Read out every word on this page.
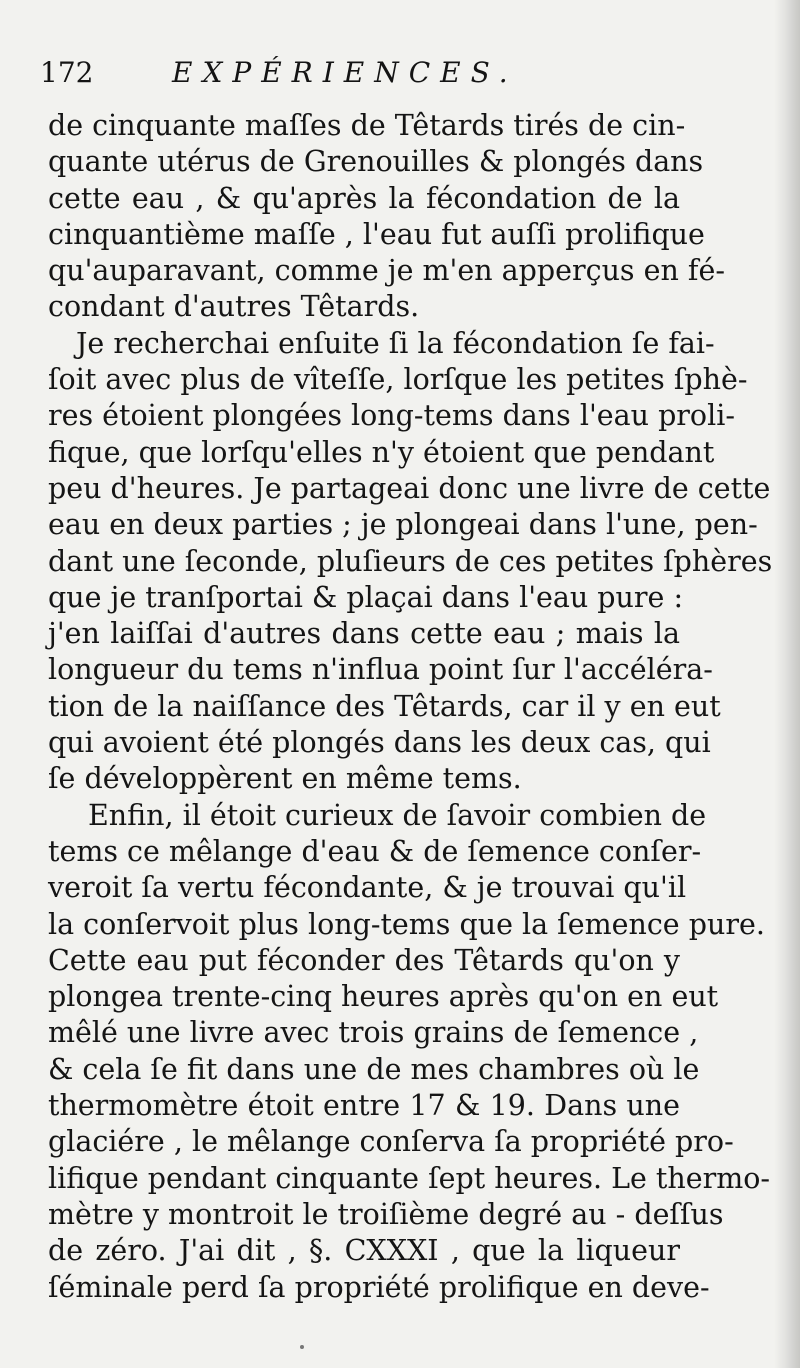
172	EXPÉRIENCES.
de cinquante maſſes de Têtards tirés de cin-
quante utérus de Grenouilles & plongés dans
cette eau , & qu'après la fécondation de la
cinquantième maſſe , l'eau fut auſſi prolifique
qu'auparavant, comme je m'en apperçus en fé-
condant d'autres Têtards.
Je recherchai enſuite ſi la fécondation ſe fai-
ſoit avec plus de vîteſſe, lorſque les petites ſphè-
res étoient plongées long-tems dans l'eau proli-
fique, que lorſqu'elles n'y étoient que pendant
peu d'heures. Je partageai donc une livre de cette
eau en deux parties ; je plongeai dans l'une, pen-
dant une ſeconde, pluſieurs de ces petites ſphères
que je tranſportai & plaçai dans l'eau pure :
j'en laiſſai d'autres dans cette eau ; mais la
longueur du tems n'influa point ſur l'accéléra-
tion de la naiſſance des Têtards, car il y en eut
qui avoient été plongés dans les deux cas, qui
ſe développèrent en même tems.
Enfin, il étoit curieux de ſavoir combien de
tems ce mêlange d'eau & de ſemence conſer-
veroit ſa vertu fécondante, & je trouvai qu'il
la conſervoit plus long-tems que la ſemence pure.
Cette eau put féconder des Têtards qu'on y
plongea trente-cinq heures après qu'on en eut
mêlé une livre avec trois grains de ſemence ,
& cela ſe fit dans une de mes chambres où le
thermomètre étoit entre 17 & 19. Dans une
glaciére , le mêlange conſerva ſa propriété pro-
lifique pendant cinquante ſept heures. Le thermo-
mètre y montroit le troiſième degré au - deſſus
de zéro. J'ai dit , §. CXXXI , que la liqueur
ſéminale perd ſa propriété prolifique en deve-
